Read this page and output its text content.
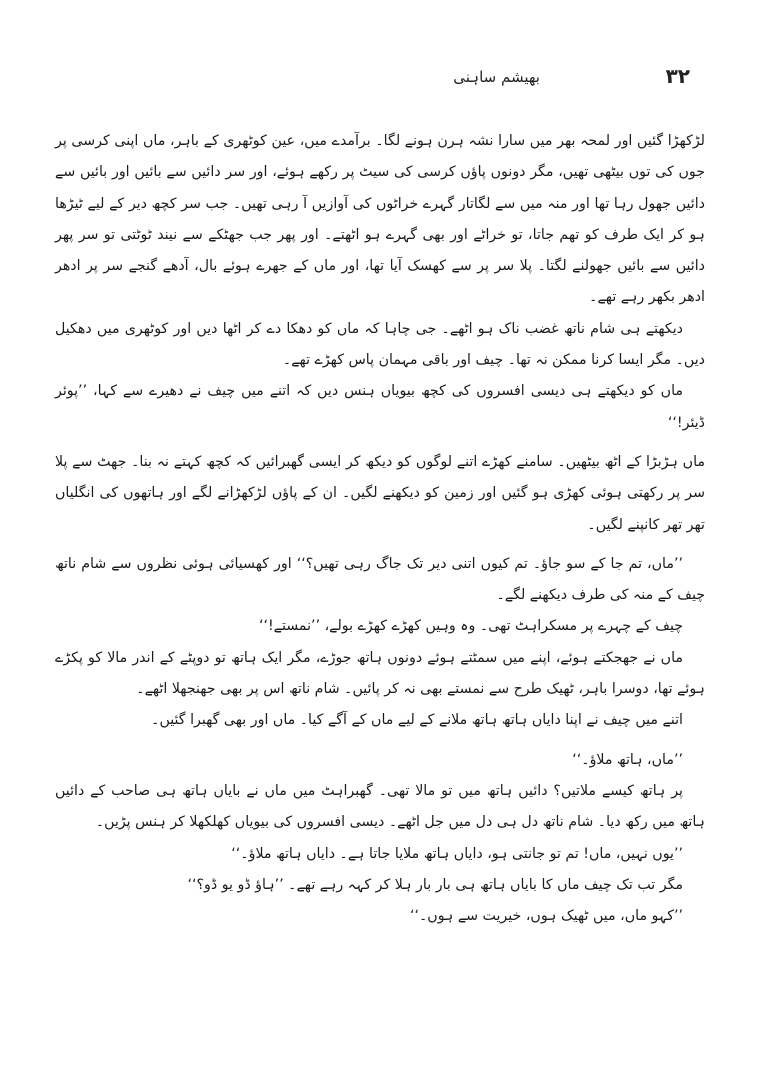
۳۲
بھیشم ساہنی

لڑکھڑا گئیں اور لمحہ بھر میں سارا نشہ ہرن ہونے لگا۔ برآمدے میں، عین کوٹھری کے باہر، ماں اپنی کرسی پر جوں کی توں بیٹھی تھیں، مگر دونوں پاؤں کرسی کی سیٹ پر رکھے ہوئے، اور سر دائیں سے بائیں اور بائیں سے دائیں جھول رہا تھا اور منہ میں سے لگاتار گہرے خراٹوں کی آوازیں آ رہی تھیں۔ جب سر کچھ دیر کے لیے ٹیڑھا ہو کر ایک طرف کو تھم جاتا، تو خراٹے اور بھی گہرے ہو اٹھتے۔ اور پھر جب جھٹکے سے نیند ٹوٹتی تو سر پھر دائیں سے بائیں جھولنے لگتا۔ پلا سر پر سے کھسک آیا تھا، اور ماں کے جھرے ہوئے بال، آدھے گنجے سر پر ادھر ادھر بکھر رہے تھے۔

دیکھتے ہی شام ناتھ غضب ناک ہو اٹھے۔ جی چاہا کہ ماں کو دھکا دے کر اٹھا دیں اور کوٹھری میں دھکیل دیں۔ مگر ایسا کرنا ممکن نہ تھا۔ چیف اور باقی مہمان پاس کھڑے تھے۔

ماں کو دیکھتے ہی دیسی افسروں کی کچھ بیویاں ہنس دیں کہ اتنے میں چیف نے دھیرے سے کہا، ’’پوئر ڈیئر!‘‘

ماں ہڑبڑا کے اٹھ بیٹھیں۔ سامنے کھڑے اتنے لوگوں کو دیکھ کر ایسی گھبرائیں کہ کچھ کہتے نہ بنا۔ جھٹ سے پلا سر پر رکھتی ہوئی کھڑی ہو گئیں اور زمین کو دیکھنے لگیں۔ ان کے پاؤں لڑکھڑانے لگے اور ہاتھوں کی انگلیاں تھر تھر کانپنے لگیں۔

’’ماں، تم جا کے سو جاؤ۔ تم کیوں اتنی دیر تک جاگ رہی تھیں؟‘‘ اور کھسیائی ہوئی نظروں سے شام ناتھ چیف کے منہ کی طرف دیکھنے لگے۔

چیف کے چہرے پر مسکراہٹ تھی۔ وہ وہیں کھڑے کھڑے بولے، ’’نمستے!‘‘

ماں نے جھجکتے ہوئے، اپنے میں سمٹتے ہوئے دونوں ہاتھ جوڑے، مگر ایک ہاتھ تو دوپٹے کے اندر مالا کو پکڑے ہوئے تھا، دوسرا باہر، ٹھیک طرح سے نمستے بھی نہ کر پائیں۔ شام ناتھ اس پر بھی جھنجھلا اٹھے۔

اتنے میں چیف نے اپنا دایاں ہاتھ ہاتھ ملانے کے لیے ماں کے آگے کیا۔ ماں اور بھی گھبرا گئیں۔

’’ماں، ہاتھ ملاؤ۔‘‘

پر ہاتھ کیسے ملاتیں؟ دائیں ہاتھ میں تو مالا تھی۔ گھبراہٹ میں ماں نے بایاں ہاتھ ہی صاحب کے دائیں ہاتھ میں رکھ دیا۔ شام ناتھ دل ہی دل میں جل اٹھے۔ دیسی افسروں کی بیویاں کھلکھلا کر ہنس پڑیں۔

’’یوں نہیں، ماں! تم تو جانتی ہو، دایاں ہاتھ ملایا جاتا ہے۔ دایاں ہاتھ ملاؤ۔‘‘

مگر تب تک چیف ماں کا بایاں ہاتھ ہی بار بار ہلا کر کہہ رہے تھے۔ ’’ہاؤ ڈو یو ڈو؟‘‘

’’کہو ماں، میں ٹھیک ہوں، خیریت سے ہوں۔‘‘
